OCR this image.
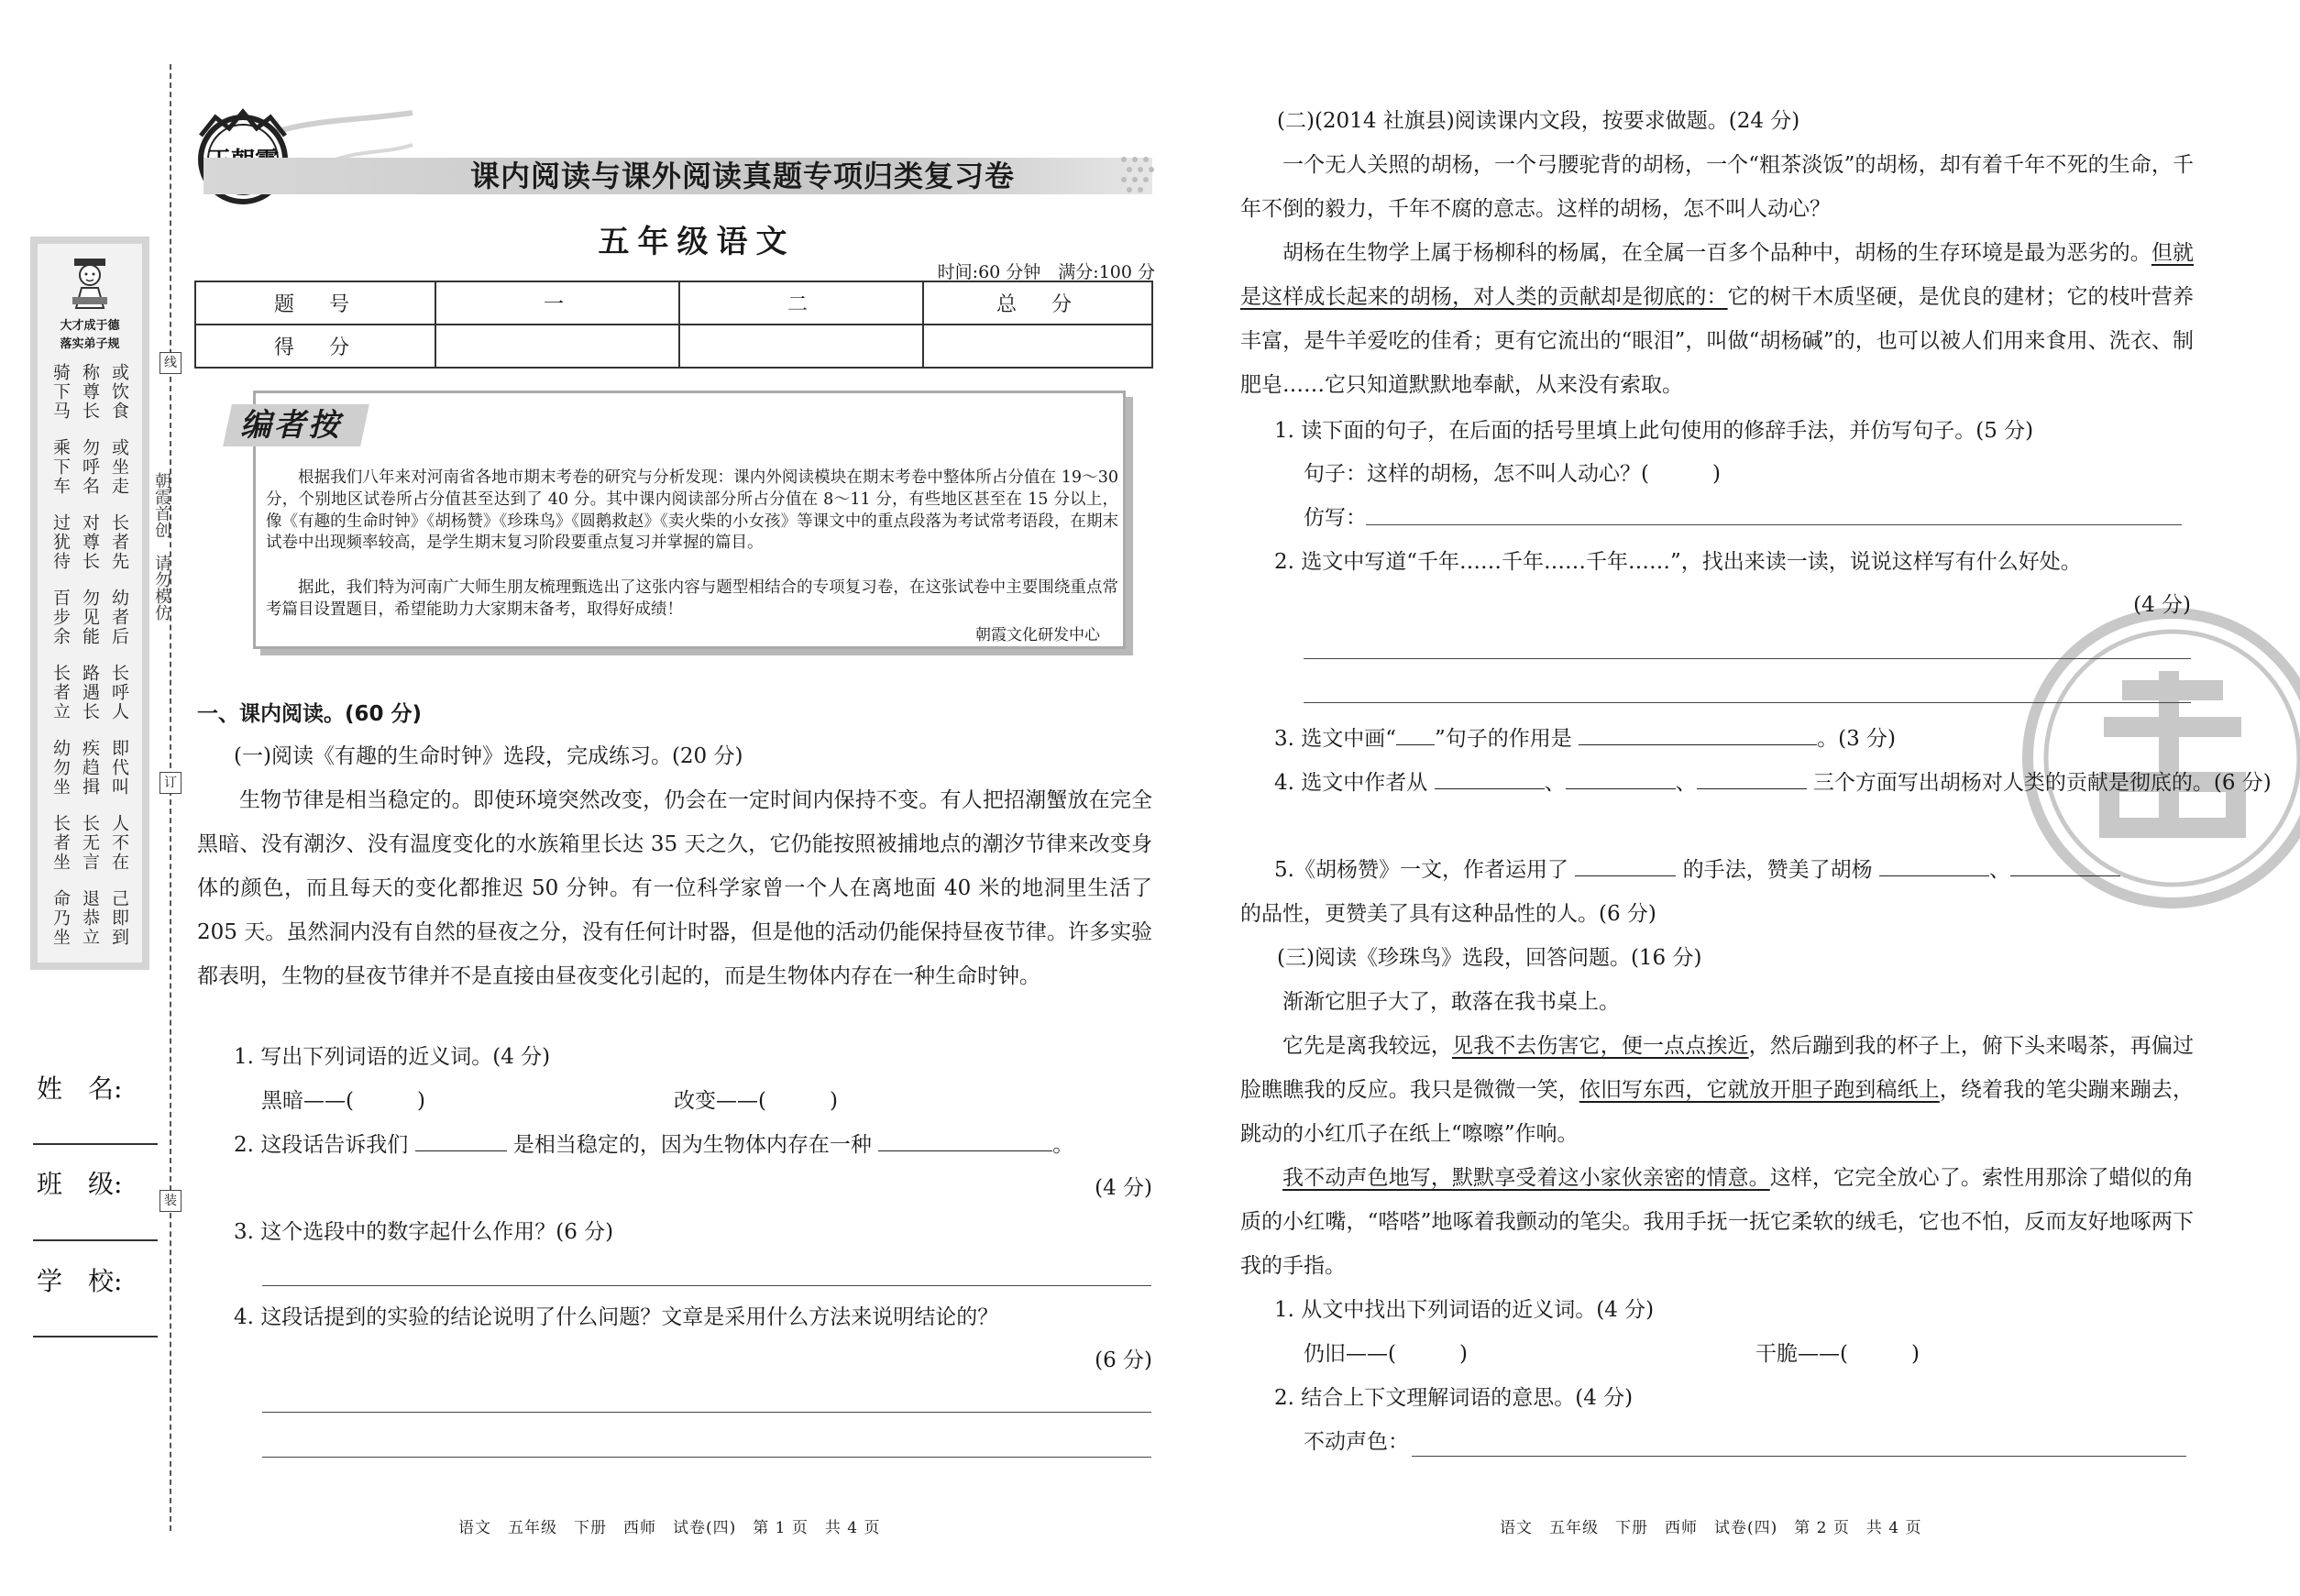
线
朝霞首创　请勿模仿
订
装
大才成于德
落实弟子规
骑下马 称尊长 或饮食
乘下车 勿呼名 或坐走
过犹待 对尊长 长者先
百步余 勿见能 幼者后
长者立 路遇长 长呼人
幼勿坐 疾趋揖 即代叫
长者坐 长无言 人不在
命乃坐 退恭立 己即到
姓　名:
班　级:
学　校:
课内阅读与课外阅读真题专项归类复习卷
五年级语文
时间:60 分钟　满分:100 分
题　号	一	二	总　分
得　分			
编者按
根据我们八年来对河南省各地市期末考卷的研究与分析发现：课内外阅读模块在期末考卷中整体所占分值在 19～30 分，个别地区试卷所占分值甚至达到了 40 分。其中课内阅读部分所占分值在 8～11 分，有些地区甚至在 15 分以上，像《有趣的生命时钟》《胡杨赞》《珍珠鸟》《圆鹅救赵》《卖火柴的小女孩》等课文中的重点段落为考试常考语段，在期末试卷中出现频率较高，是学生期末复习阶段要重点复习并掌握的篇目。
据此，我们特为河南广大师生朋友梳理甄选出了这张内容与题型相结合的专项复习卷，在这张试卷中主要围绕重点常考篇目设置题目，希望能助力大家期末备考，取得好成绩！
朝霞文化研发中心
一、课内阅读。(60 分)
(一)阅读《有趣的生命时钟》选段，完成练习。(20 分)
生物节律是相当稳定的。即使环境突然改变，仍会在一定时间内保持不变。有人把招潮蟹放在完全黑暗、没有潮汐、没有温度变化的水族箱里长达 35 天之久，它仍能按照被捕地点的潮汐节律来改变身体的颜色，而且每天的变化都推迟 50 分钟。有一位科学家曾一个人在离地面 40 米的地洞里生活了 205 天。虽然洞内没有自然的昼夜之分，没有任何计时器，但是他的活动仍能保持昼夜节律。许多实验都表明，生物的昼夜节律并不是直接由昼夜变化引起的，而是生物体内存在一种生命时钟。
1. 写出下列词语的近义词。(4 分)
黑暗——(　　　)	改变——(　　　)
2. 这段话告诉我们	是相当稳定的，因为生物体内存在一种	。
(4 分)
3. 这个选段中的数字起什么作用？(6 分)
4. 这段话提到的实验的结论说明了什么问题？文章是采用什么方法来说明结论的？
(6 分)
语文　五年级　下册　西师　试卷(四)　第 1 页　共 4 页
(二)(2014 社旗县)阅读课内文段，按要求做题。(24 分)
一个无人关照的胡杨，一个弓腰驼背的胡杨，一个“粗茶淡饭”的胡杨，却有着千年不死的生命，千年不倒的毅力，千年不腐的意志。这样的胡杨，怎不叫人动心？
胡杨在生物学上属于杨柳科的杨属，在全属一百多个品种中，胡杨的生存环境是最为恶劣的。但就是这样成长起来的胡杨，对人类的贡献却是彻底的：它的树干木质坚硬，是优良的建材；它的枝叶营养丰富，是牛羊爱吃的佳肴；更有它流出的“眼泪”，叫做“胡杨碱”的，也可以被人们用来食用、洗衣、制肥皂……它只知道默默地奉献，从来没有索取。
1. 读下面的句子，在后面的括号里填上此句使用的修辞手法，并仿写句子。(5 分)
句子：这样的胡杨，怎不叫人动心？(　　　)
仿写：
2. 选文中写道“千年……千年……千年……”，找出来读一读，说说这样写有什么好处。
(4 分)
3. 选文中画“ ”句子的作用是	。(3 分)
4. 选文中作者从	、	、	三个方面写出胡杨对人类的贡献是彻底的。(6 分)
5.《胡杨赞》一文，作者运用了	的手法，赞美了胡杨	、
的品性，更赞美了具有这种品性的人。(6 分)
(三)阅读《珍珠鸟》选段，回答问题。(16 分)
渐渐它胆子大了，敢落在我书桌上。
它先是离我较远，见我不去伤害它，便一点点挨近，然后蹦到我的杯子上，俯下头来喝茶，再偏过脸瞧瞧我的反应。我只是微微一笑，依旧写东西，它就放开胆子跑到稿纸上，绕着我的笔尖蹦来蹦去，跳动的小红爪子在纸上“嚓嚓”作响。
我不动声色地写，默默享受着这小家伙亲密的情意。这样，它完全放心了。索性用那涂了蜡似的角质的小红嘴，“嗒嗒”地啄着我颤动的笔尖。我用手抚一抚它柔软的绒毛，它也不怕，反而友好地啄两下我的手指。
1. 从文中找出下列词语的近义词。(4 分)
仍旧——(　　　)	干脆——(　　　)
2. 结合上下文理解词语的意思。(4 分)
不动声色：
语文　五年级　下册　西师　试卷(四)　第 2 页　共 4 页
